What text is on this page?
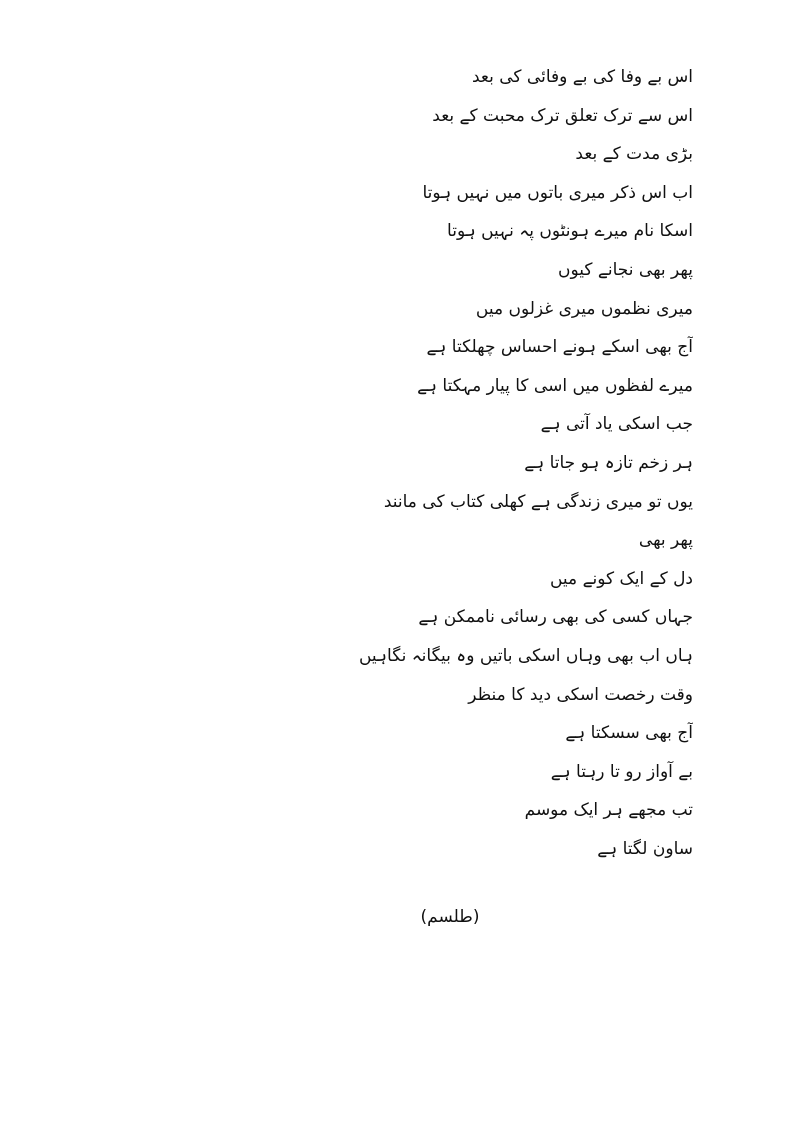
اس بے وفا کی بے وفائی کی بعد
اس سے ترک تعلق ترک محبت کے بعد
بڑی مدت کے بعد
اب اس ذکر میری باتوں میں نہیں ہوتا
اسکا نام میرے ہونٹوں پہ نہیں ہوتا
پھر بھی نجانے کیوں
میری نظموں میری غزلوں میں
آج بھی اسکے ہونے احساس چھلکتا ہے
میرے لفظوں میں اسی کا پیار مہکتا ہے
جب اسکی یاد آتی ہے
ہر زخم تازہ ہو جاتا ہے
یوں تو میری زندگی ہے کھلی کتاب کی مانند
پھر بھی
دل کے ایک کونے میں
جہاں کسی کی بھی رسائی ناممکن ہے
ہاں اب بھی وہاں اسکی باتیں وہ بیگانہ نگاہیں
وقت رخصت اسکی دید کا منظر
آج بھی سسکتا ہے
بے آواز رو تا رہتا ہے
تب مجھے ہر ایک موسم
ساون لگتا ہے
(طلسم)
